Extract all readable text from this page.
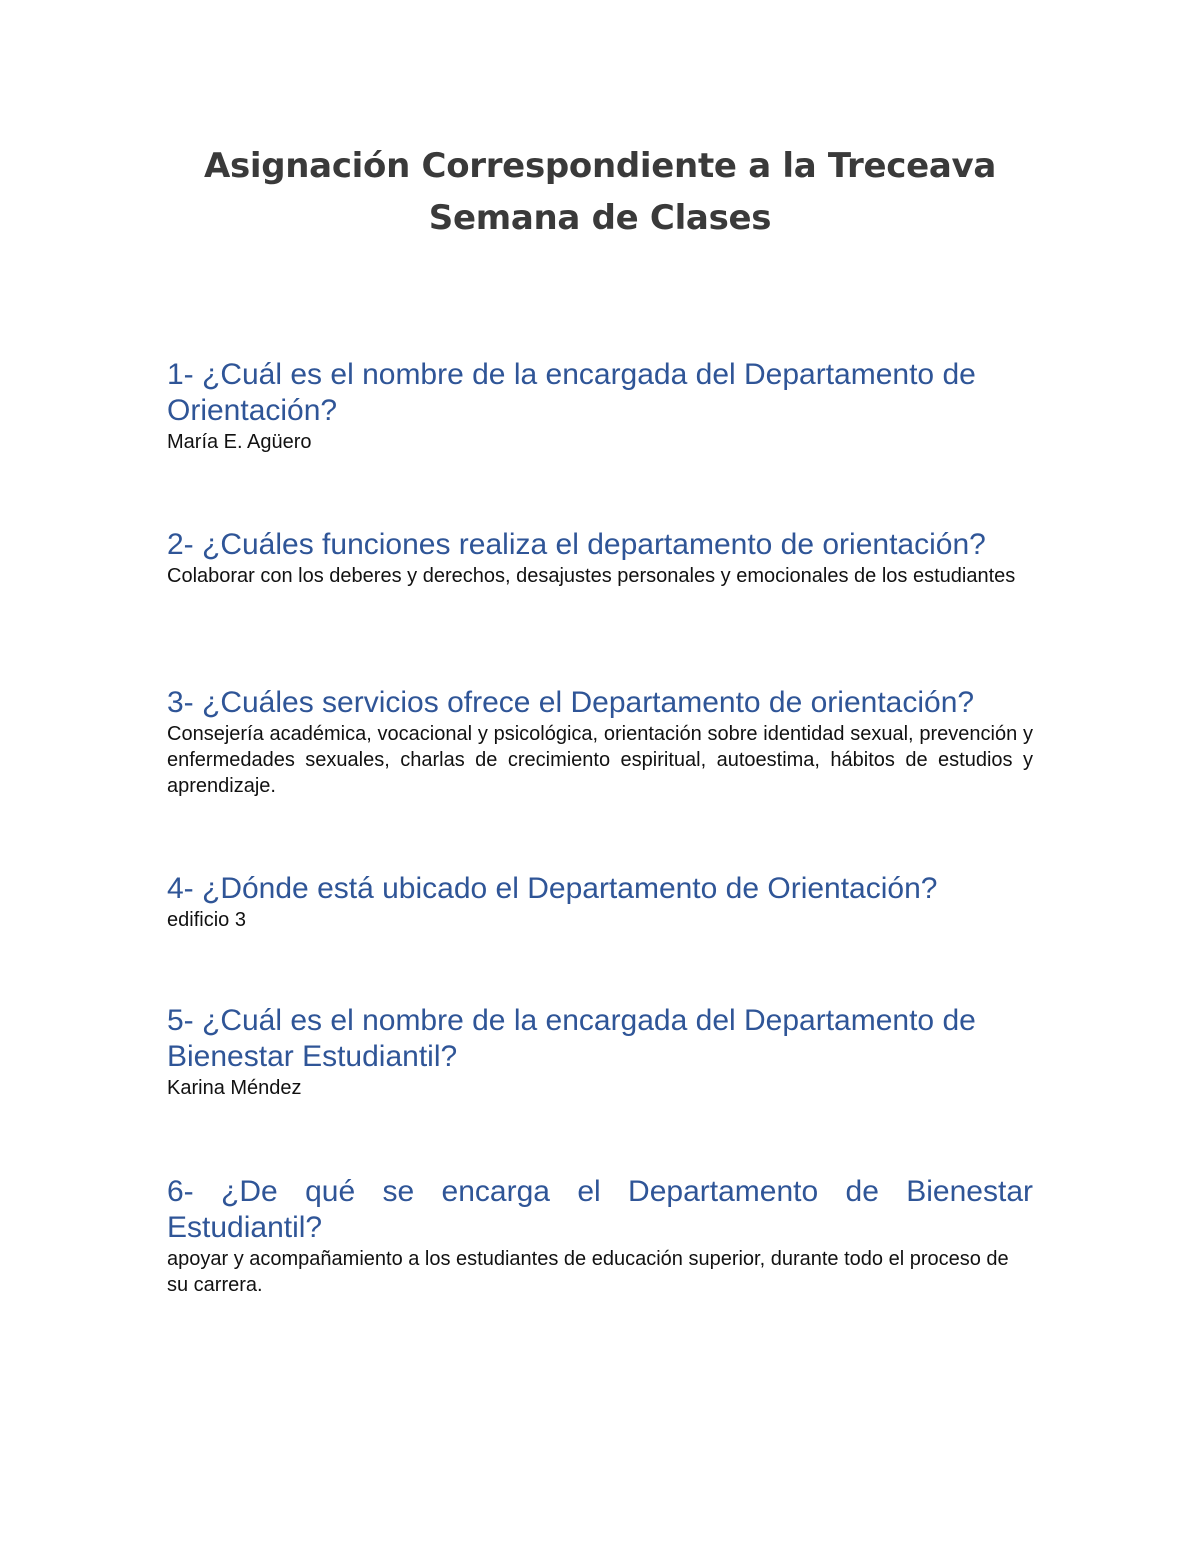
Asignación Correspondiente a la Treceava Semana de Clases

1- ¿Cuál es el nombre de la encargada del Departamento de Orientación?

María E. Agüero

2- ¿Cuáles funciones realiza el departamento de orientación?

Colaborar con los deberes y derechos, desajustes personales y emocionales de los estudiantes

3- ¿Cuáles servicios ofrece el Departamento de orientación?

Consejería académica, vocacional y psicológica, orientación sobre identidad sexual, prevención y enfermedades sexuales, charlas de crecimiento espiritual, autoestima, hábitos de estudios y aprendizaje.

4- ¿Dónde está ubicado el Departamento de Orientación?

edificio 3

5- ¿Cuál es el nombre de la encargada del Departamento de Bienestar Estudiantil?

Karina Méndez

6- ¿De qué se encarga el Departamento de Bienestar Estudiantil?

apoyar y acompañamiento a los estudiantes de educación superior, durante todo el proceso de su carrera.
